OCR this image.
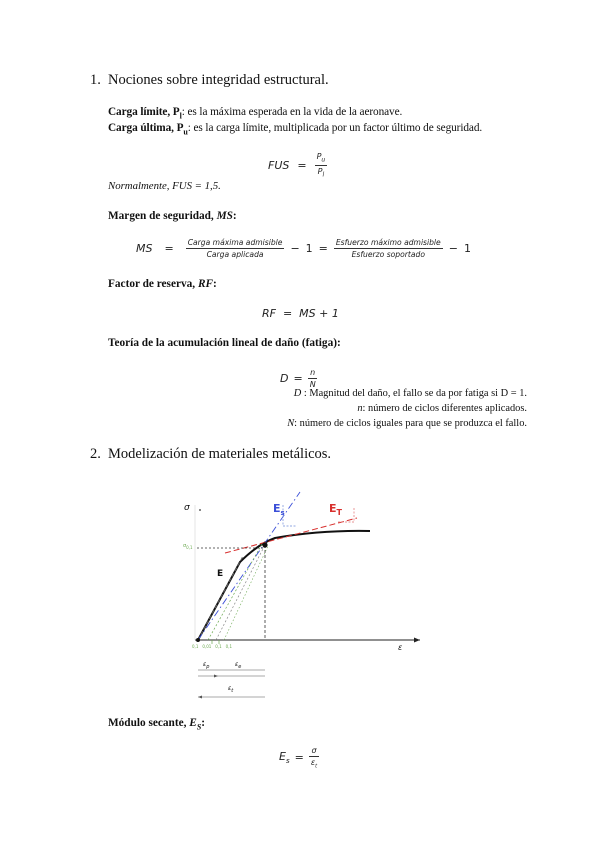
1. Nociones sobre integridad estructural.
Carga límite, $P_l$: es la máxima esperada en la vida de la aeronave.
Carga última, $P_u$: es la carga límite, multiplicada por un factor último de seguridad.
FUS = $\frac{P_u}{P_l}$
Normalmente, FUS = 1,5.
Margen de seguridad, MS:
MS = $\frac{\text{Carga máxima admisible}}{\text{Carga aplicada}} - 1 = \frac{\text{Esfuerzo máximo admisible}}{\text{Esfuerzo soportado}} - 1$
Factor de reserva, RF:
RF  =  MS + 1
Teoría de la acumulación lineal de daño (fatiga):
$D = \frac{n}{N}$
D : Magnitud del daño, el fallo se da por fatiga si D = 1.
n: número de ciclos diferentes aplicados.
N: número de ciclos iguales para que se produzca el fallo.
2. Modelización de materiales metálicos.
σ
ε
$E_s$	$E_T$
E
$\sigma_{0,1}$
0,1 0,01 0,1 0,1
$\varepsilon_p$	$\varepsilon_e$
$\varepsilon_t$
Módulo secante, $E_S$:
$E_s = \frac{\sigma}{\varepsilon_t}$
